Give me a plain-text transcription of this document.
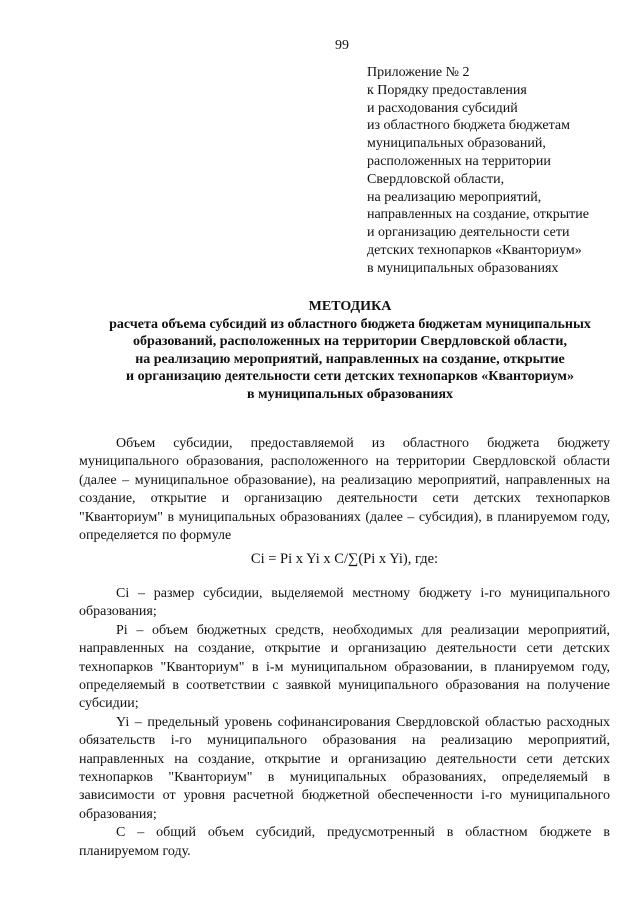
99
Приложение № 2
к Порядку предоставления
и расходования субсидий
из областного бюджета бюджетам
муниципальных образований,
расположенных на территории
Свердловской области,
на реализацию мероприятий,
направленных на создание, открытие
и организацию деятельности сети
детских технопарков «Кванториум»
в муниципальных образованиях
МЕТОДИКА
расчета объема субсидий из областного бюджета бюджетам муниципальных
образований, расположенных на территории Свердловской области,
на реализацию мероприятий, направленных на создание, открытие
и организацию деятельности сети детских технопарков «Кванториум»
в муниципальных образованиях

Объем субсидии, предоставляемой из областного бюджета бюджету муниципального образования, расположенного на территории Свердловской области (далее – муниципальное образование), на реализацию мероприятий, направленных на создание, открытие и организацию деятельности сети детских технопарков "Кванториум" в муниципальных образованиях (далее – субсидия), в планируемом году, определяется по формуле

Ci = Pi x Yi x C/∑(Pi x Yi), где:

Ci – размер субсидии, выделяемой местному бюджету i-го муниципального образования;

Pi – объем бюджетных средств, необходимых для реализации мероприятий, направленных на создание, открытие и организацию деятельности сети детских технопарков "Кванториум" в i-м муниципальном образовании, в планируемом году, определяемый в соответствии с заявкой муниципального образования на получение субсидии;

Yi – предельный уровень софинансирования Свердловской областью расходных обязательств i-го муниципального образования на реализацию мероприятий, направленных на создание, открытие и организацию деятельности сети детских технопарков "Кванториум" в муниципальных образованиях, определяемый в зависимости от уровня расчетной бюджетной обеспеченности i-го муниципального образования;

C – общий объем субсидий, предусмотренный в областном бюджете в планируемом году.
